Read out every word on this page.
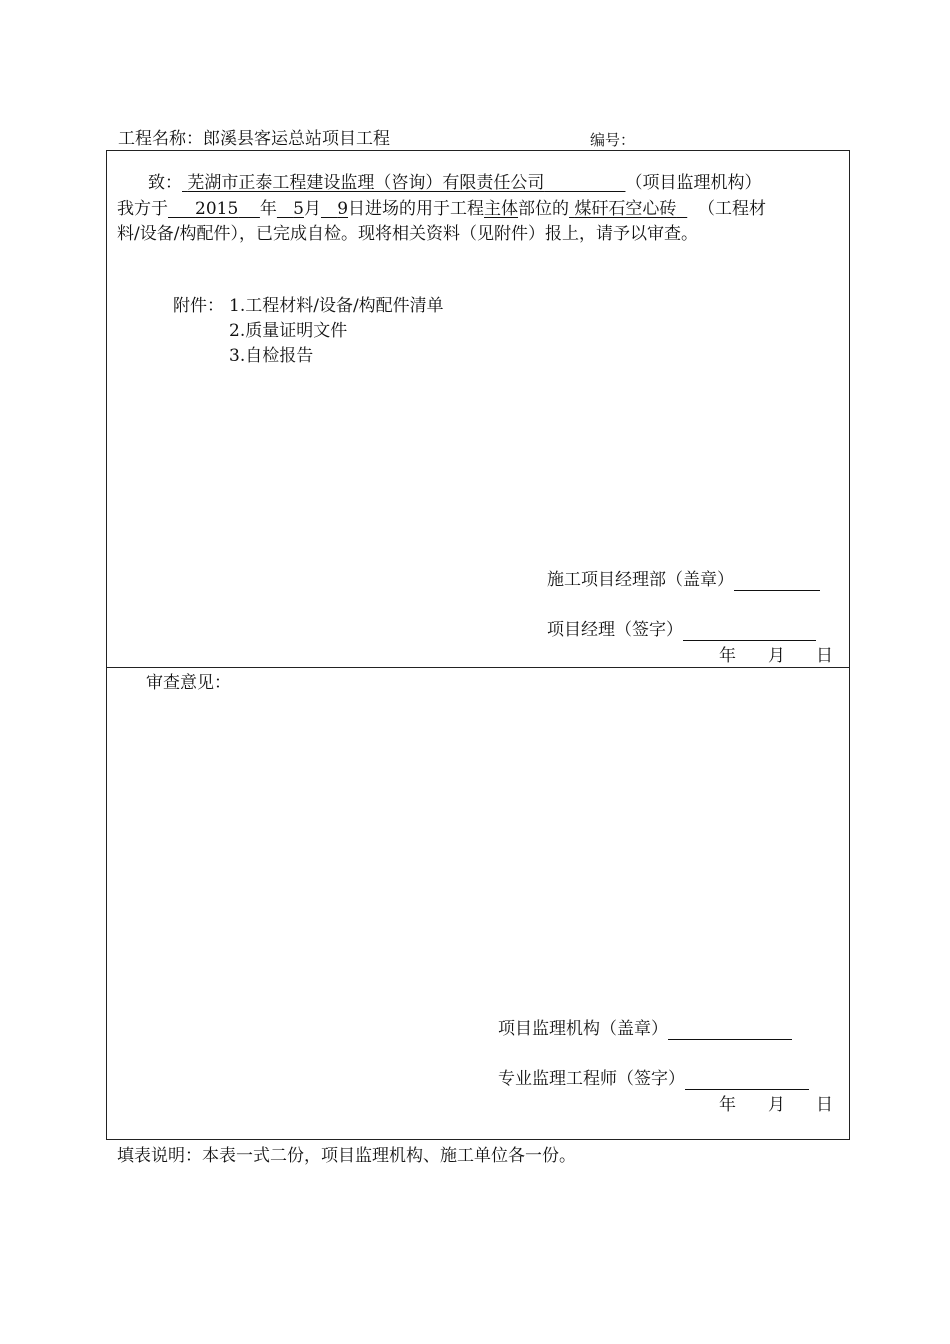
工程名称：郎溪县客运总站项目工程	编号：
致： 芜湖市正泰工程建设监理（咨询）有限责任公司	（项目监理机构）
我方于 2015 年 5月 9日进场的用于工程主体部位的 煤矸石空心砖 （工程材
料/设备/构配件），已完成自检。现将相关资料（见附件）报上，请予以审查。
附件： 1.工程材料/设备/构配件清单
2.质量证明文件
3.自检报告
施工项目经理部（盖章）
项目经理（签字）
年 月 日
审查意见：
项目监理机构（盖章）
专业监理工程师（签字）
年 月 日
填表说明：本表一式二份，项目监理机构、施工单位各一份。
